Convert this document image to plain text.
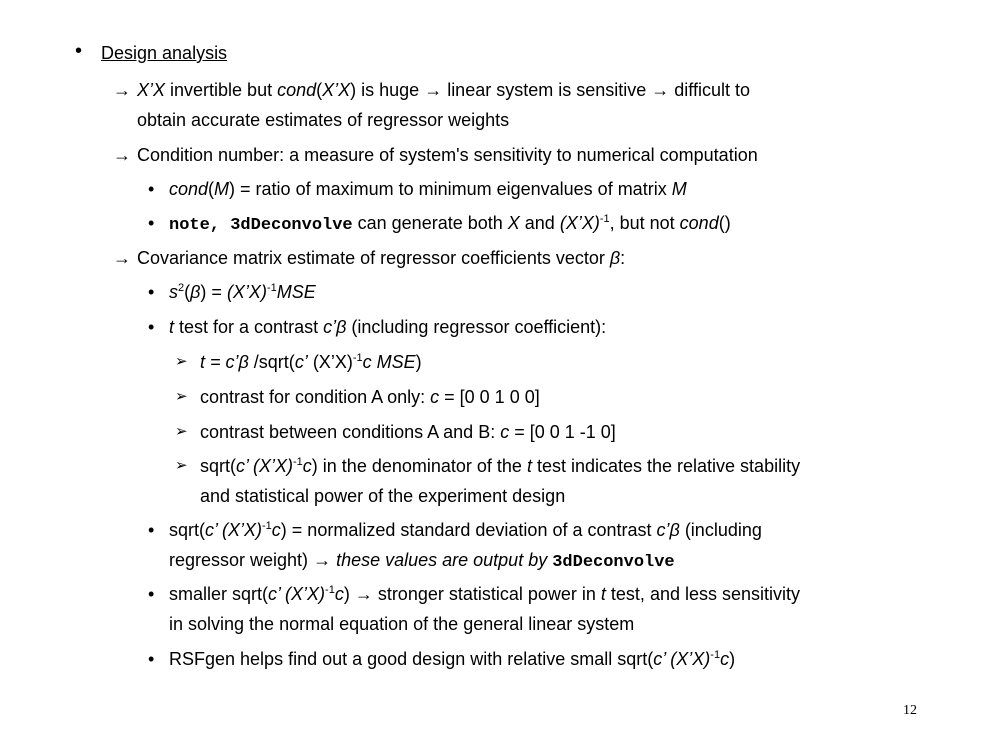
• Design analysis
→ X’X invertible but cond(X’X) is huge → linear system is sensitive → difficult to
obtain accurate estimates of regressor weights
→ Condition number: a measure of system's sensitivity to numerical computation
• cond(M) = ratio of maximum to minimum eigenvalues of matrix M
• note, 3dDeconvolve can generate both X and (X’X)$^{-1}$, but not cond()
→ Covariance matrix estimate of regressor coefficients vector β:
• $s^2(\beta)$ = (X’X)$^{-1}$MSE
• t test for a contrast c’β (including regressor coefficient):
➢ t = c’β /sqrt(c’ (X’X)$^{-1}$c MSE)
➢ contrast for condition A only: c = [0 0 1 0 0]
➢ contrast between conditions A and B: c = [0 0 1 -1 0]
➢ sqrt(c’ (X’X)$^{-1}$c) in the denominator of the t test indicates the relative stability
and statistical power of the experiment design
• sqrt(c’ (X’X)$^{-1}$c) = normalized standard deviation of a contrast c’β (including
regressor weight) → these values are output by 3dDeconvolve
• smaller sqrt(c’ (X’X)$^{-1}$c) → stronger statistical power in t test, and less sensitivity
in solving the normal equation of the general linear system
• RSFgen helps find out a good design with relative small sqrt(c’ (X’X)$^{-1}$c)
12
